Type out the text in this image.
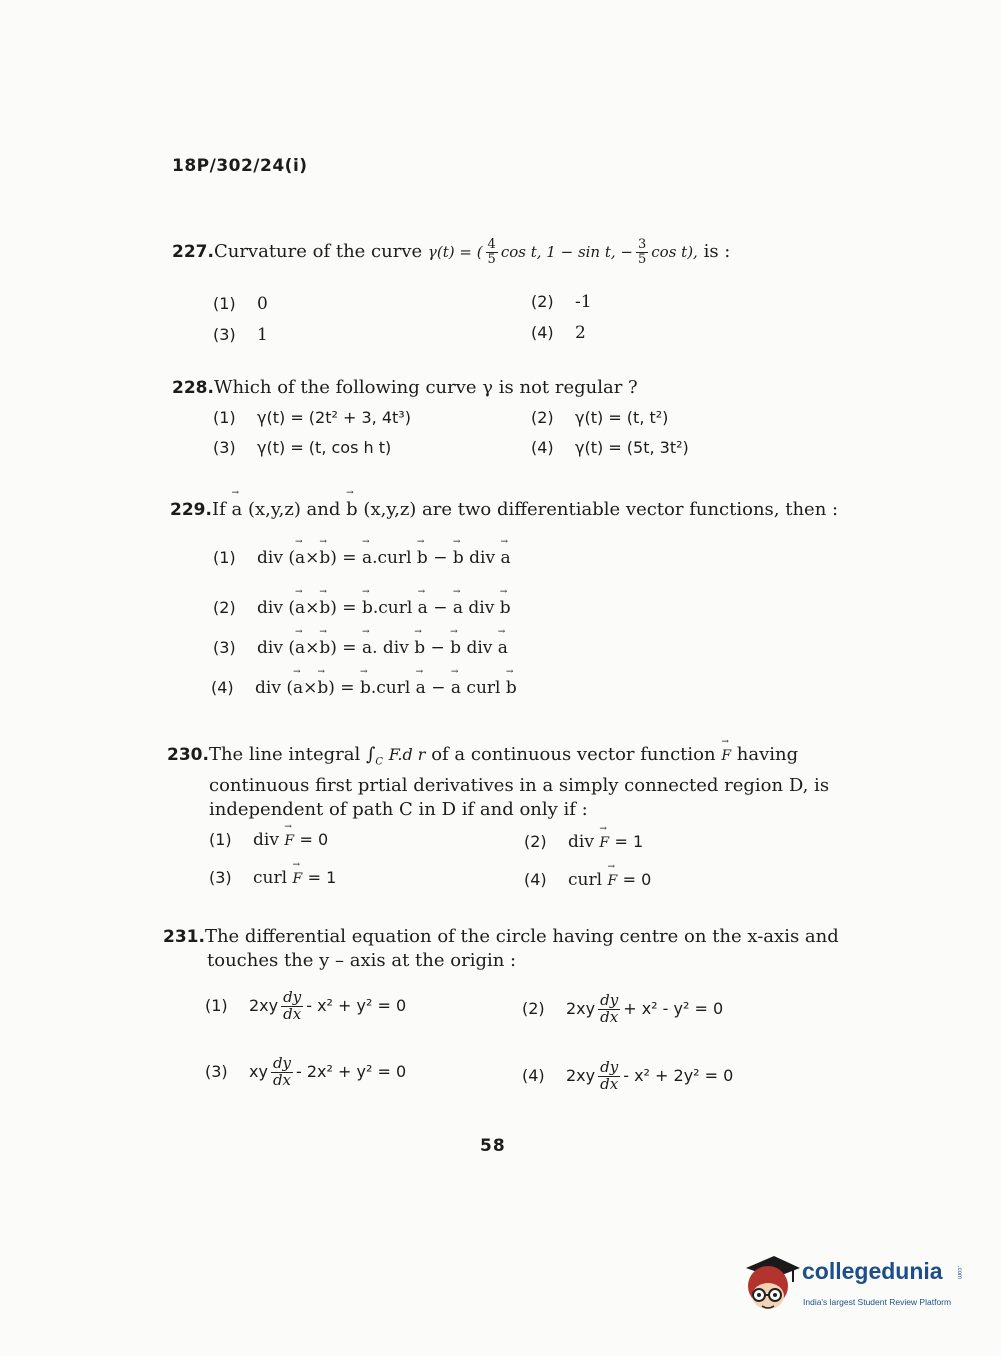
18P/302/24(i)
227.Curvature of the curve γ(t) = ( $\frac{4}{5}$ cos t, 1 − sin t, − $\frac{3}{5}$ cos t), is :
(1) 0	(2) -1
(3) 1	(4) 2
228.Which of the following curve γ is not regular ?
(1) γ(t) = (2t² + 3, 4t³)	(2) γ(t) = (t, t²)
(3) γ(t) = (t, cos h t)	(4) γ(t) = (5t, 3t²)
229.If → a (x,y,z) and → b (x,y,z) are two differentiable vector functions, then :
(1) div (→ a×→ b) = → a.curl → b − → b div → a
(2) div (→ a×→ b) = → b.curl → a − → a div → b
(3) div (→ a×→ b) = → a. div → b − → b div → a
(4) div (→ a×→ b) = → b.curl → a − → a curl → b
230.The line integral $\int_C$ F.d r of a continuous vector function → F having
continuous first prtial derivatives in a simply connected region D, is
independent of path C in D if and only if :
(1) div → F = 0	(2) div → F = 1
(3) curl → F = 1	(4) curl → F = 0
231.The differential equation of the circle having centre on the x-axis and
touches the y – axis at the origin :
(1) $2xy \frac{dy}{dx} - x^2 + y^2 = 0$	(2) $2xy \frac{dy}{dx} + x^2 - y^2 = 0$
(3) xy $\frac{dy}{dx} - 2x^2 + y^2 = 0$	(4) $2xy \frac{dy}{dx} - x^2 + 2y^2 = 0$
58
collegedunia .com
India's largest Student Review Platform
